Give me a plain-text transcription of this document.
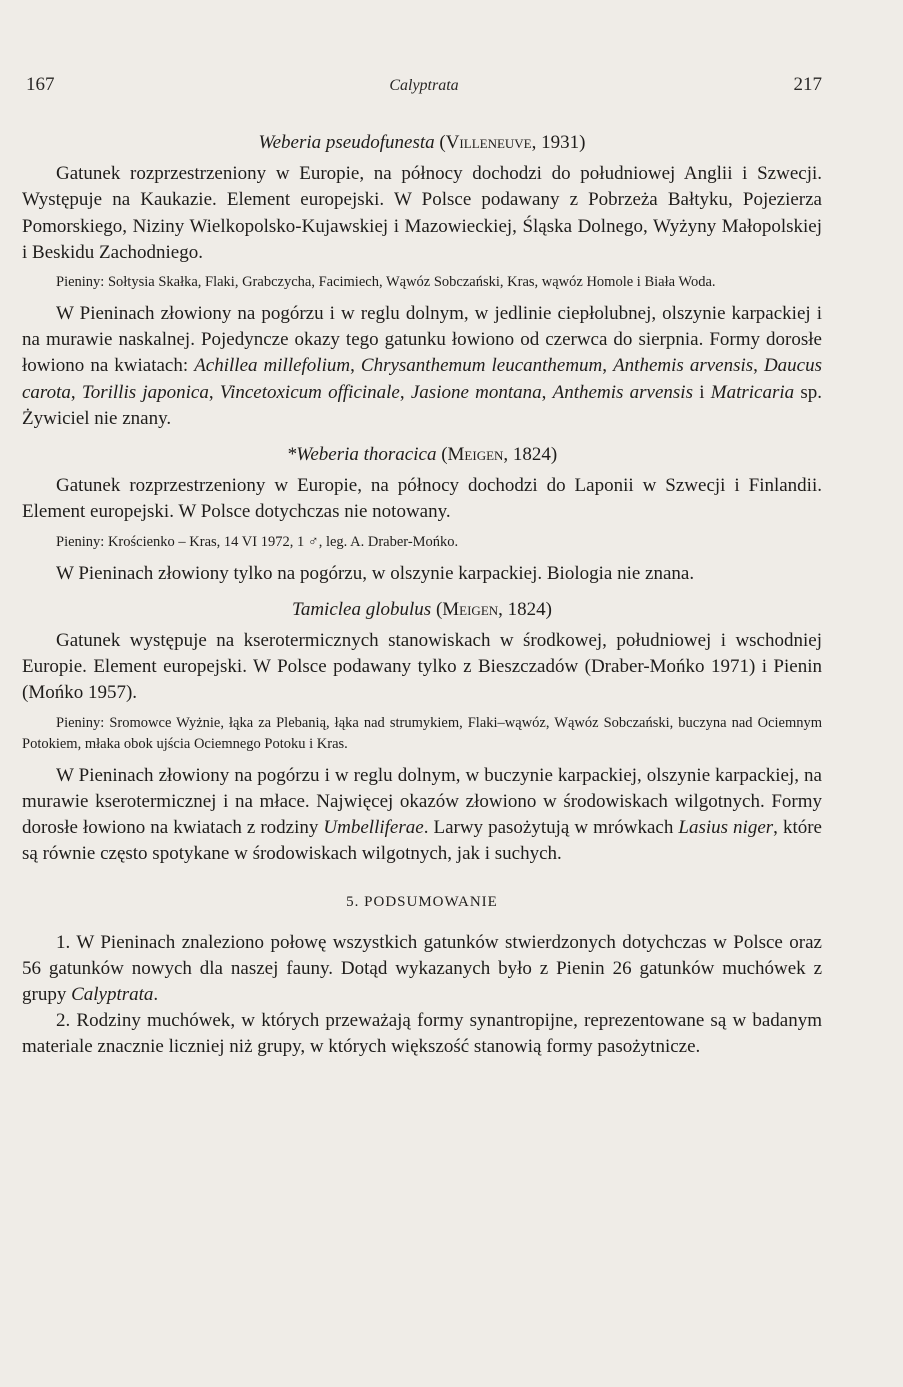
167	Calyptrata	217
Weberia pseudofunesta (Villeneuve, 1931)

Gatunek rozprzestrzeniony w Europie, na północy dochodzi do południowej Anglii i Szwecji. Występuje na Kaukazie. Element europejski. W Polsce podawany z Pobrzeża Bałtyku, Pojezierza Pomorskiego, Niziny Wielkopolsko-Kujawskiej i Mazowieckiej, Śląska Dolnego, Wyżyny Małopolskiej i Beskidu Zachodniego.

Pieniny: Sołtysia Skałka, Flaki, Grabczycha, Facimiech, Wąwóz Sobczański, Kras, wąwóz Homole i Biała Woda.

W Pieninach złowiony na pogórzu i w reglu dolnym, w jedlinie ciepłolubnej, olszynie karpackiej i na murawie naskalnej. Pojedyncze okazy tego gatunku łowiono od czerwca do sierpnia. Formy dorosłe łowiono na kwiatach: Achillea millefolium, Chrysanthemum leucanthemum, Anthemis arvensis, Daucus carota, Torillis japonica, Vincetoxicum officinale, Jasione montana, Anthemis arvensis i Matricaria sp. Żywiciel nie znany.

*Weberia thoracica (Meigen, 1824)

Gatunek rozprzestrzeniony w Europie, na północy dochodzi do Laponii w Szwecji i Finlandii. Element europejski. W Polsce dotychczas nie notowany.

Pieniny: Krościenko – Kras, 14 VI 1972, 1 ♂, leg. A. Draber-Mońko.

W Pieninach złowiony tylko na pogórzu, w olszynie karpackiej. Biologia nie znana.

Tamiclea globulus (Meigen, 1824)

Gatunek występuje na kserotermicznych stanowiskach w środkowej, południowej i wschodniej Europie. Element europejski. W Polsce podawany tylko z Bieszczadów (Draber-Mońko 1971) i Pienin (Mońko 1957).

Pieniny: Sromowce Wyżnie, łąka za Plebanią, łąka nad strumykiem, Flaki–wąwóz, Wąwóz Sobczański, buczyna nad Ociemnym Potokiem, młaka obok ujścia Ociemnego Potoku i Kras.

W Pieninach złowiony na pogórzu i w reglu dolnym, w buczynie karpackiej, olszynie karpackiej, na murawie kserotermicznej i na młace. Najwięcej okazów złowiono w środowiskach wilgotnych. Formy dorosłe łowiono na kwiatach z rodziny Umbelliferae. Larwy pasożytują w mrówkach Lasius niger, które są równie często spotykane w środowiskach wilgotnych, jak i suchych.

5. PODSUMOWANIE

1. W Pieninach znaleziono połowę wszystkich gatunków stwierdzonych dotychczas w Polsce oraz 56 gatunków nowych dla naszej fauny. Dotąd wykazanych było z Pienin 26 gatunków muchówek z grupy Calyptrata.

2. Rodziny muchówek, w których przeważają formy synantropijne, reprezentowane są w badanym materiale znacznie liczniej niż grupy, w których większość stanowią formy pasożytnicze.
